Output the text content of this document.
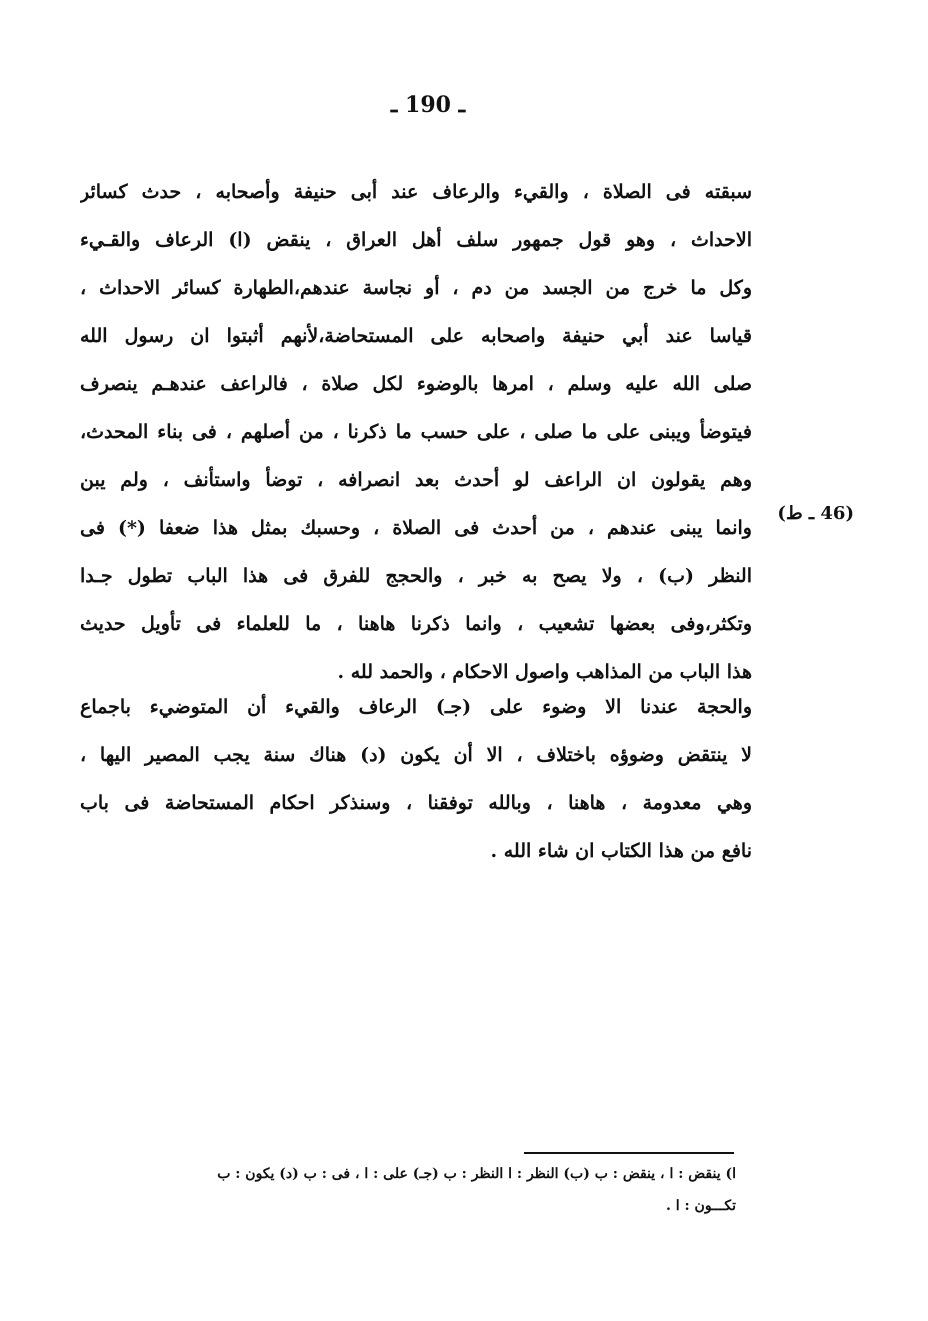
ـ 190 ـ
(46 ـ ط)
سبقته فى الصلاة ، والقيء والرعاف عند أبى حنيفة وأصحابه ، حدث كسائر
الاحداث ، وهو قول جمهور سلف أهل العراق ، ينقض (ا) الرعاف والقـيء
وكل ما خرج من الجسد من دم ، أو نجاسة عندهم،الطهارة كسائر الاحداث ،
قياسا عند أبي حنيفة واصحابه على المستحاضة،لأنهم أثبتوا ان رسول الله
صلى الله عليه وسلم ، امرها بالوضوء لكل صلاة ، فالراعف عندهـم ينصرف
فيتوضأ ويبنى على ما صلى ، على حسب ما ذكرنا ، من أصلهم ، فى بناء المحدث،
وهم يقولون ان الراعف لو أحدث بعد انصرافه ، توضأ واستأنف ، ولم يبن
وانما يبنى عندهم ، من أحدث فى الصلاة ، وحسبك بمثل هذا ضعفا (*) فى
النظر (ب) ، ولا يصح به خبر ، والحجج للفرق فى هذا الباب تطول جـدا
وتكثر،وفى بعضها تشعيب ، وانما ذكرنا هاهنا ، ما للعلماء فى تأويل حديث
هذا الباب من المذاهب واصول الاحكام ، والحمد لله .
والحجة عندنا الا وضوء على (جـ) الرعاف والقيء أن المتوضيء باجماع
لا ينتقض وضوؤه باختلاف ، الا أن يكون (د) هناك سنة يجب المصير اليها ،
وهي معدومة ، هاهنا ، وبالله توفقنا ، وسنذكر احكام المستحاضة فى باب
نافع من هذا الكتاب ان شاء الله .
ا) ينقض : ا ، ينقض : ب (ب) النظر : ا النظر : ب (جـ) على : ا ، فى : ب (د) يكون : ب
تكـــون : ا .
